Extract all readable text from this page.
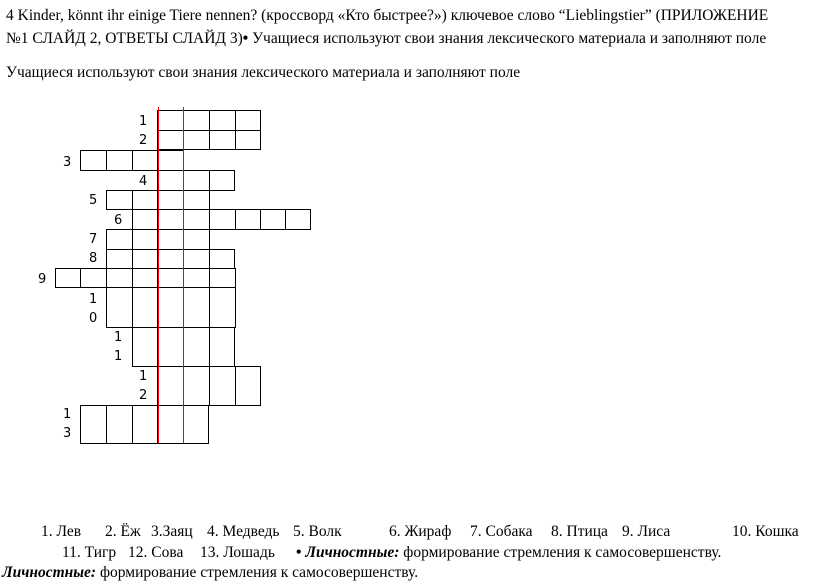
4 Kinder, könnt ihr einige Tiere nennen? (кроссворд «Кто быстрее?») ключевое слово “Lieblingstier” (ПРИЛОЖЕНИЕ
№1 СЛАЙД 2, ОТВЕТЫ СЛАЙД 3)• Учащиеся используют свои знания лексического материала и заполняют поле
Учащиеся используют свои знания лексического материала и заполняют поле
1
2
3
4
5
6
7
8
9
1
0
1
1
1
2
1
3
1. Лев 2. Ёж 3.Заяц 4. Медведь 5. Волк	6. Жираф 7. Собака 8. Птица 9. Лиса	10. Кошка
11. Тигр 12. Сова 13. Лошадь • Личностные: формирование стремления к самосовершенству.
Личностные: формирование стремления к самосовершенству.
